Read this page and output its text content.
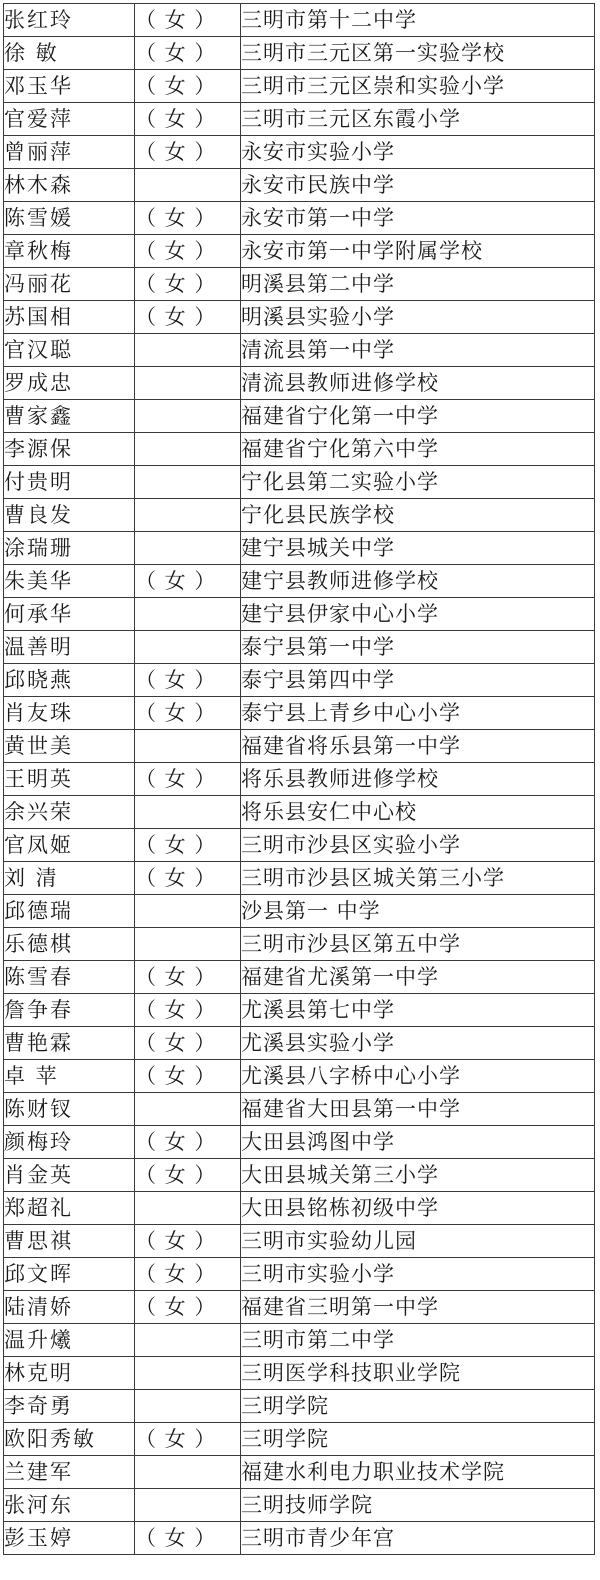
张红玲	（ 女 ）	三明市第十二中学
徐 敏	（ 女 ）	三明市三元区第一实验学校
邓玉华	（ 女 ）	三明市三元区崇和实验小学
官爱萍	（ 女 ）	三明市三元区东霞小学
曾丽萍	（ 女 ）	永安市实验小学
林木森		永安市民族中学
陈雪媛	（ 女 ）	永安市第一中学
章秋梅	（ 女 ）	永安市第一中学附属学校
冯丽花	（ 女 ）	明溪县第二中学
苏国相	（ 女 ）	明溪县实验小学
官汉聪		清流县第一中学
罗成忠		清流县教师进修学校
曹家鑫		福建省宁化第一中学
李源保		福建省宁化第六中学
付贵明		宁化县第二实验小学
曹良发		宁化县民族学校
涂瑞珊		建宁县城关中学
朱美华	（ 女 ）	建宁县教师进修学校
何承华		建宁县伊家中心小学
温善明		泰宁县第一中学
邱晓燕	（ 女 ）	泰宁县第四中学
肖友珠	（ 女 ）	泰宁县上青乡中心小学
黄世美		福建省将乐县第一中学
王明英	（ 女 ）	将乐县教师进修学校
余兴荣		将乐县安仁中心校
官凤姬	（ 女 ）	三明市沙县区实验小学
刘 清	（ 女 ）	三明市沙县区城关第三小学
邱德瑞		沙县第一 中学
乐德棋		三明市沙县区第五中学
陈雪春	（ 女 ）	福建省尤溪第一中学
詹争春	（ 女 ）	尤溪县第七中学
曹艳霖	（ 女 ）	尤溪县实验小学
卓 苹	（ 女 ）	尤溪县八字桥中心小学
陈财钗		福建省大田县第一中学
颜梅玲	（ 女 ）	大田县鸿图中学
肖金英	（ 女 ）	大田县城关第三小学
郑超礼		大田县铭栋初级中学
曹思祺	（ 女 ）	三明市实验幼儿园
邱文晖	（ 女 ）	三明市实验小学
陆清娇	（ 女 ）	福建省三明第一中学
温升爔		三明市第二中学
林克明		三明医学科技职业学院
李奇勇		三明学院
欧阳秀敏	（ 女 ）	三明学院
兰建军		福建水利电力职业技术学院
张河东		三明技师学院
彭玉婷	（ 女 ）	三明市青少年宫
